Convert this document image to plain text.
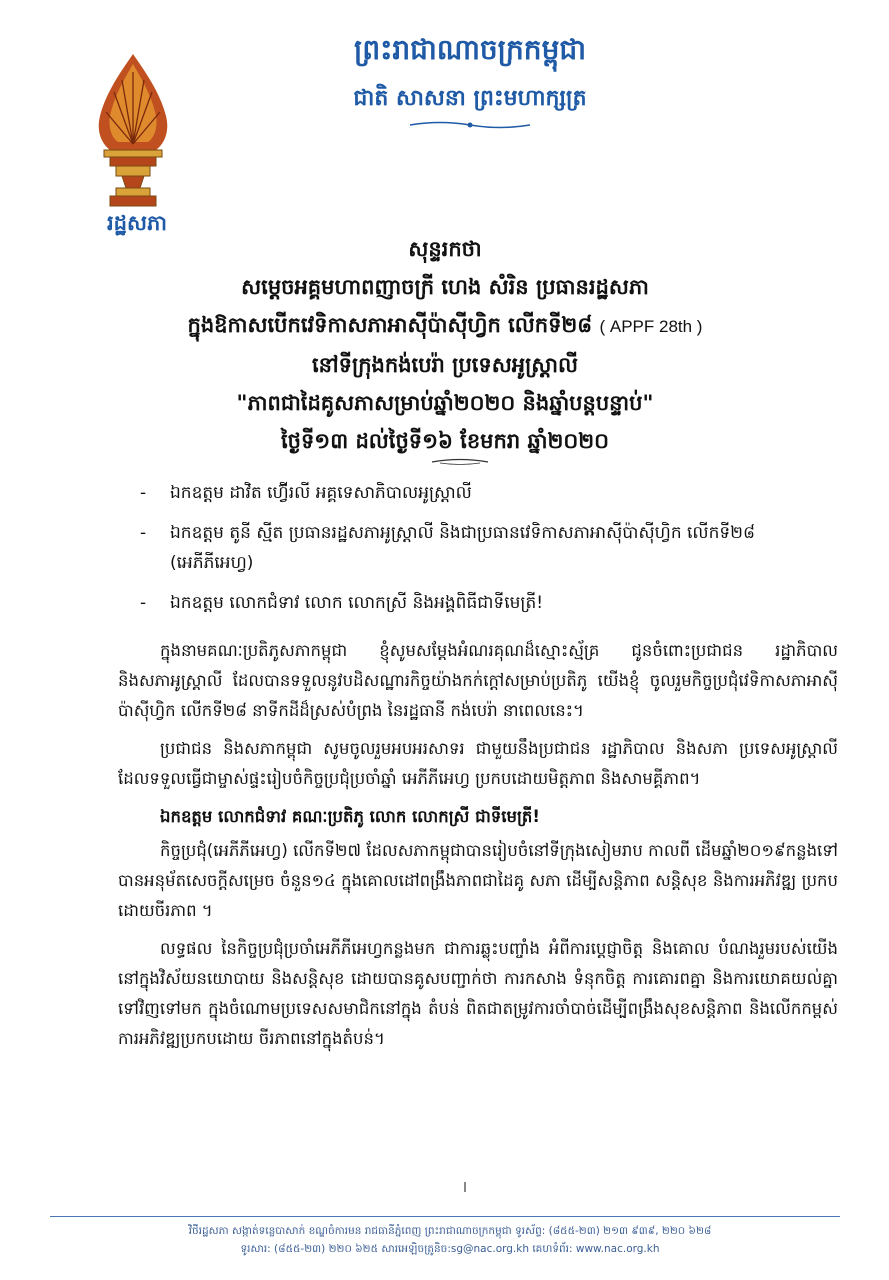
រដ្ឋសភា
ព្រះរាជាណាចក្រកម្ពុជា
ជាតិ សាសនា ព្រះមហាក្សត្រ
សុន្ទរកថា
សម្ដេចអគ្គមហាពញាចក្រី ហេង សំរិន ប្រធានរដ្ឋសភា
ក្នុងឱកាសបើកវេទិកាសភាអាស៊ីប៉ាស៊ីហ្វិក លើកទី២៨ ( APPF 28th )
នៅទីក្រុងកង់បេរ៉ា ប្រទេសអូស្ត្រាលី
"ភាពជាដៃគូសភាសម្រាប់ឆ្នាំ២០២០ និងឆ្នាំបន្តបន្ទាប់"
ថ្ងៃទី១៣ ដល់ថ្ងៃទី១៦ ខែមករា ឆ្នាំ២០២០
- ឯកឧត្តម ដាវិត ហ៊្វើរលី អគ្គទេសាភិបាលអូស្ត្រាលី
- ឯកឧត្តម តូនី ស្មីត ប្រធានរដ្ឋសភាអូស្ត្រាលី និងជាប្រធានវេទិកាសភាអាស៊ីប៉ាស៊ីហ្វិក លើកទី២៨ (អេភីភីអេហ្វ)
- ឯកឧត្តម លោកជំទាវ លោក លោកស្រី និងអង្គពិធីជាទីមេត្រី!

ក្នុងនាមគណៈប្រតិភូសភាកម្ពុជា ខ្ញុំសូមសម្ដែងអំណរគុណដ៏ស្មោះស្ម័គ្រ ជូនចំពោះប្រជាជន រដ្ឋាភិបាល និងសភាអូស្ត្រាលី ដែលបានទទួលនូវបដិសណ្ឋារកិច្ចយ៉ាងកក់ក្ដៅសម្រាប់ប្រតិភូ យើងខ្ញុំ ចូលរួមកិច្ចប្រជុំវេទិកាសភាអាស៊ីប៉ាស៊ីហ្វិក លើកទី២៨ នាទីកដីដ៏ស្រស់បំព្រង នៃរដ្ឋធានី កង់បេរ៉ា នាពេលនេះ។

ប្រជាជន និងសភាកម្ពុជា សូមចូលរួមអបអរសាទរ ជាមួយនឹងប្រជាជន រដ្ឋាភិបាល និងសភា ប្រទេសអូស្ត្រាលី ដែលទទួលធ្វើជាម្ចាស់ផ្ទះរៀបចំកិច្ចប្រជុំប្រចាំឆ្នាំ អេភីភីអេហ្វ ប្រកបដោយមិត្តភាព និងសាមគ្គីភាព។

ឯកឧត្តម លោកជំទាវ គណៈប្រតិភូ លោក លោកស្រី ជាទីមេត្រី!

កិច្ចប្រជុំ(អេភីភីអេហ្វ) លើកទី២៧ ដែលសភាកម្ពុជាបានរៀបចំនៅទីក្រុងសៀមរាប កាលពី ដើមឆ្នាំ២០១៩កន្លងទៅ បានអនុម័តសេចក្ដីសម្រេច ចំនួន១៤ ក្នុងគោលដៅពង្រឹងភាពជាដៃគូ សភា ដើម្បីសន្តិភាព សន្តិសុខ និងការអភិវឌ្ឍ ប្រកបដោយចីរភាព ។

លទ្ធផល នៃកិច្ចប្រជុំប្រចាំអេភីភីអេហ្វកន្លងមក ជាការឆ្លុះបញ្ចាំង អំពីការប្ដេជ្ញាចិត្ត និងគោល បំណងរួមរបស់យើង នៅក្នុងវិស័យនយោបាយ និងសន្តិសុខ ដោយបានគូសបញ្ជាក់ថា ការកសាង ទំនុកចិត្ត ការគោរពគ្នា និងការយោគយល់គ្នាទៅវិញទៅមក ក្នុងចំណោមប្រទេសសមាជិកនៅក្នុង តំបន់ ពិតជាតម្រូវការចាំបាច់ដើម្បីពង្រឹងសុខសន្តិភាព និងលើកកម្ពស់ការអភិវឌ្ឍប្រកបដោយ ចីរភាពនៅក្នុងតំបន់។

វិថីរដ្ឋសភា សង្កាត់ទន្លេបាសាក់ ខណ្ឌចំការមន រាជធានីភ្នំពេញ ព្រះរាជាណាចក្រកម្ពុជា ទូរស័ព្ទ: (៨៥៥-២៣) ២១៣ ៩៣៩, ២២០ ៦២៨
ទូរសារ: (៨៥៥-២៣) ២២០ ៦២៥ សារអេឡិចត្រូនិច:sg@nac.org.kh គេហទំព័រ: www.nac.org.kh
